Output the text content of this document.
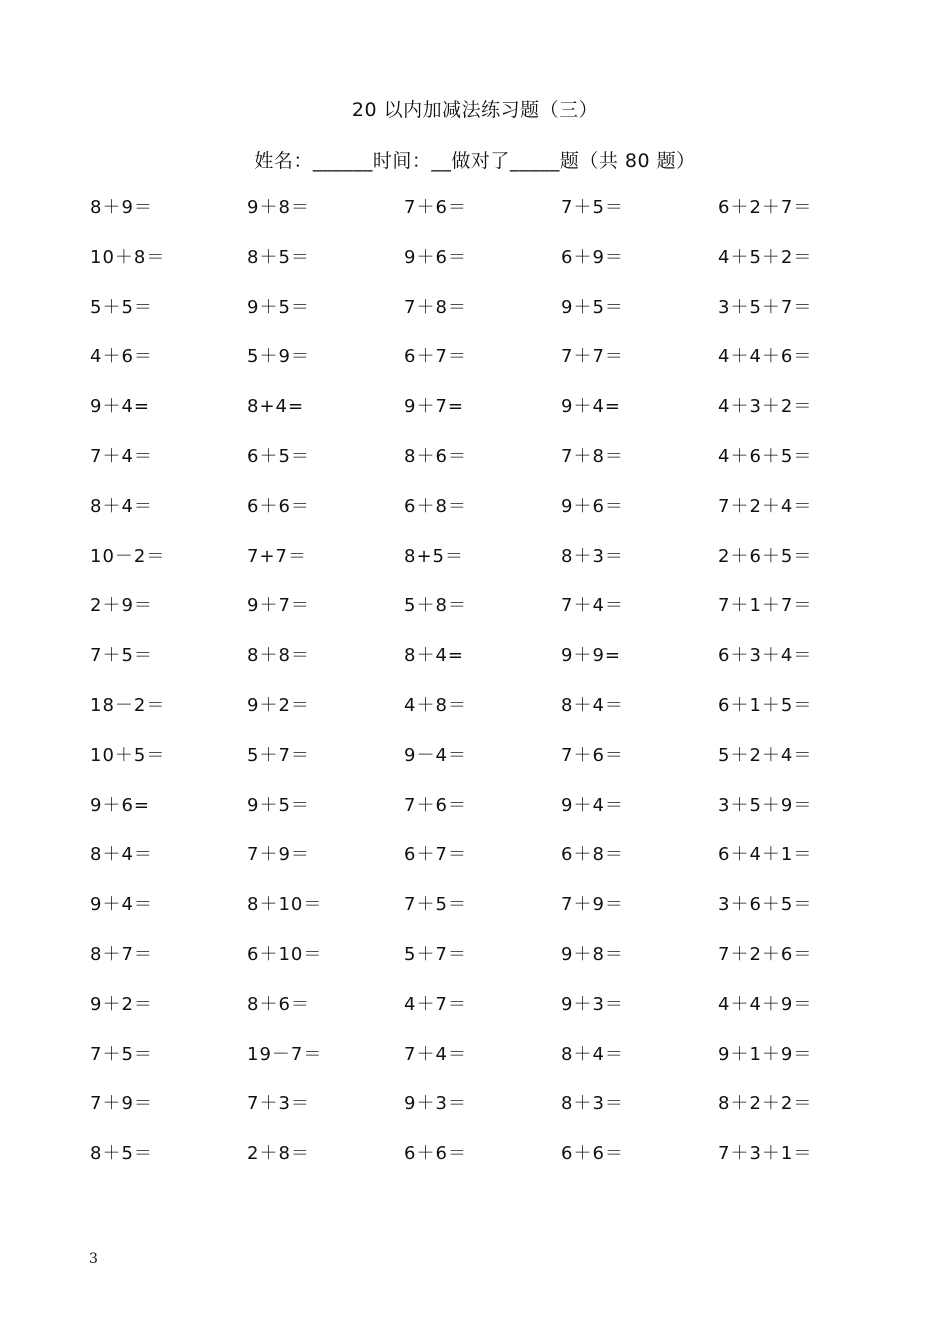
20 以内加减法练习题（三）
姓名：______时间：__做对了_____题（共 80 题）
8＋9＝	9＋8＝	7＋6＝	7＋5＝	6＋2＋7＝
10＋8＝	8＋5＝	9＋6＝	6＋9＝	4＋5＋2＝
5＋5＝	9＋5＝	7＋8＝	9＋5＝	3＋5＋7＝
4＋6＝	5＋9＝	6＋7＝	7＋7＝	4＋4＋6＝
9＋4=	8+4=	9＋7=	9＋4=	4＋3＋2＝
7＋4＝	6＋5＝	8＋6＝	7＋8＝	4＋6＋5＝
8＋4＝	6＋6＝	6＋8＝	9＋6＝	7＋2＋4＝
10－2＝	7+7＝	8+5＝	8＋3＝	2＋6＋5＝
2＋9＝	9＋7＝	5＋8＝	7＋4＝	7＋1＋7＝
7＋5＝	8＋8＝	8＋4=	9＋9=	6＋3＋4＝
18－2＝	9＋2＝	4＋8＝	8＋4＝	6＋1＋5＝
10＋5＝	5＋7＝	9－4＝	7＋6＝	5＋2＋4＝
9＋6=	9＋5＝	7＋6＝	9＋4＝	3＋5＋9＝
8＋4＝	7＋9＝	6＋7＝	6＋8＝	6＋4＋1＝
9＋4＝	8＋10＝	7＋5＝	7＋9＝	3＋6＋5＝
8＋7＝	6＋10＝	5＋7＝	9＋8＝	7＋2＋6＝
9＋2＝	8＋6＝	4＋7＝	9＋3＝	4＋4＋9＝
7＋5＝	19－7＝	7＋4＝	8＋4＝	9＋1＋9＝
7＋9＝	7＋3＝	9＋3＝	8＋3＝	8＋2＋2＝
8＋5＝	2＋8＝	6＋6＝	6＋6＝	7＋3＋1＝
3
